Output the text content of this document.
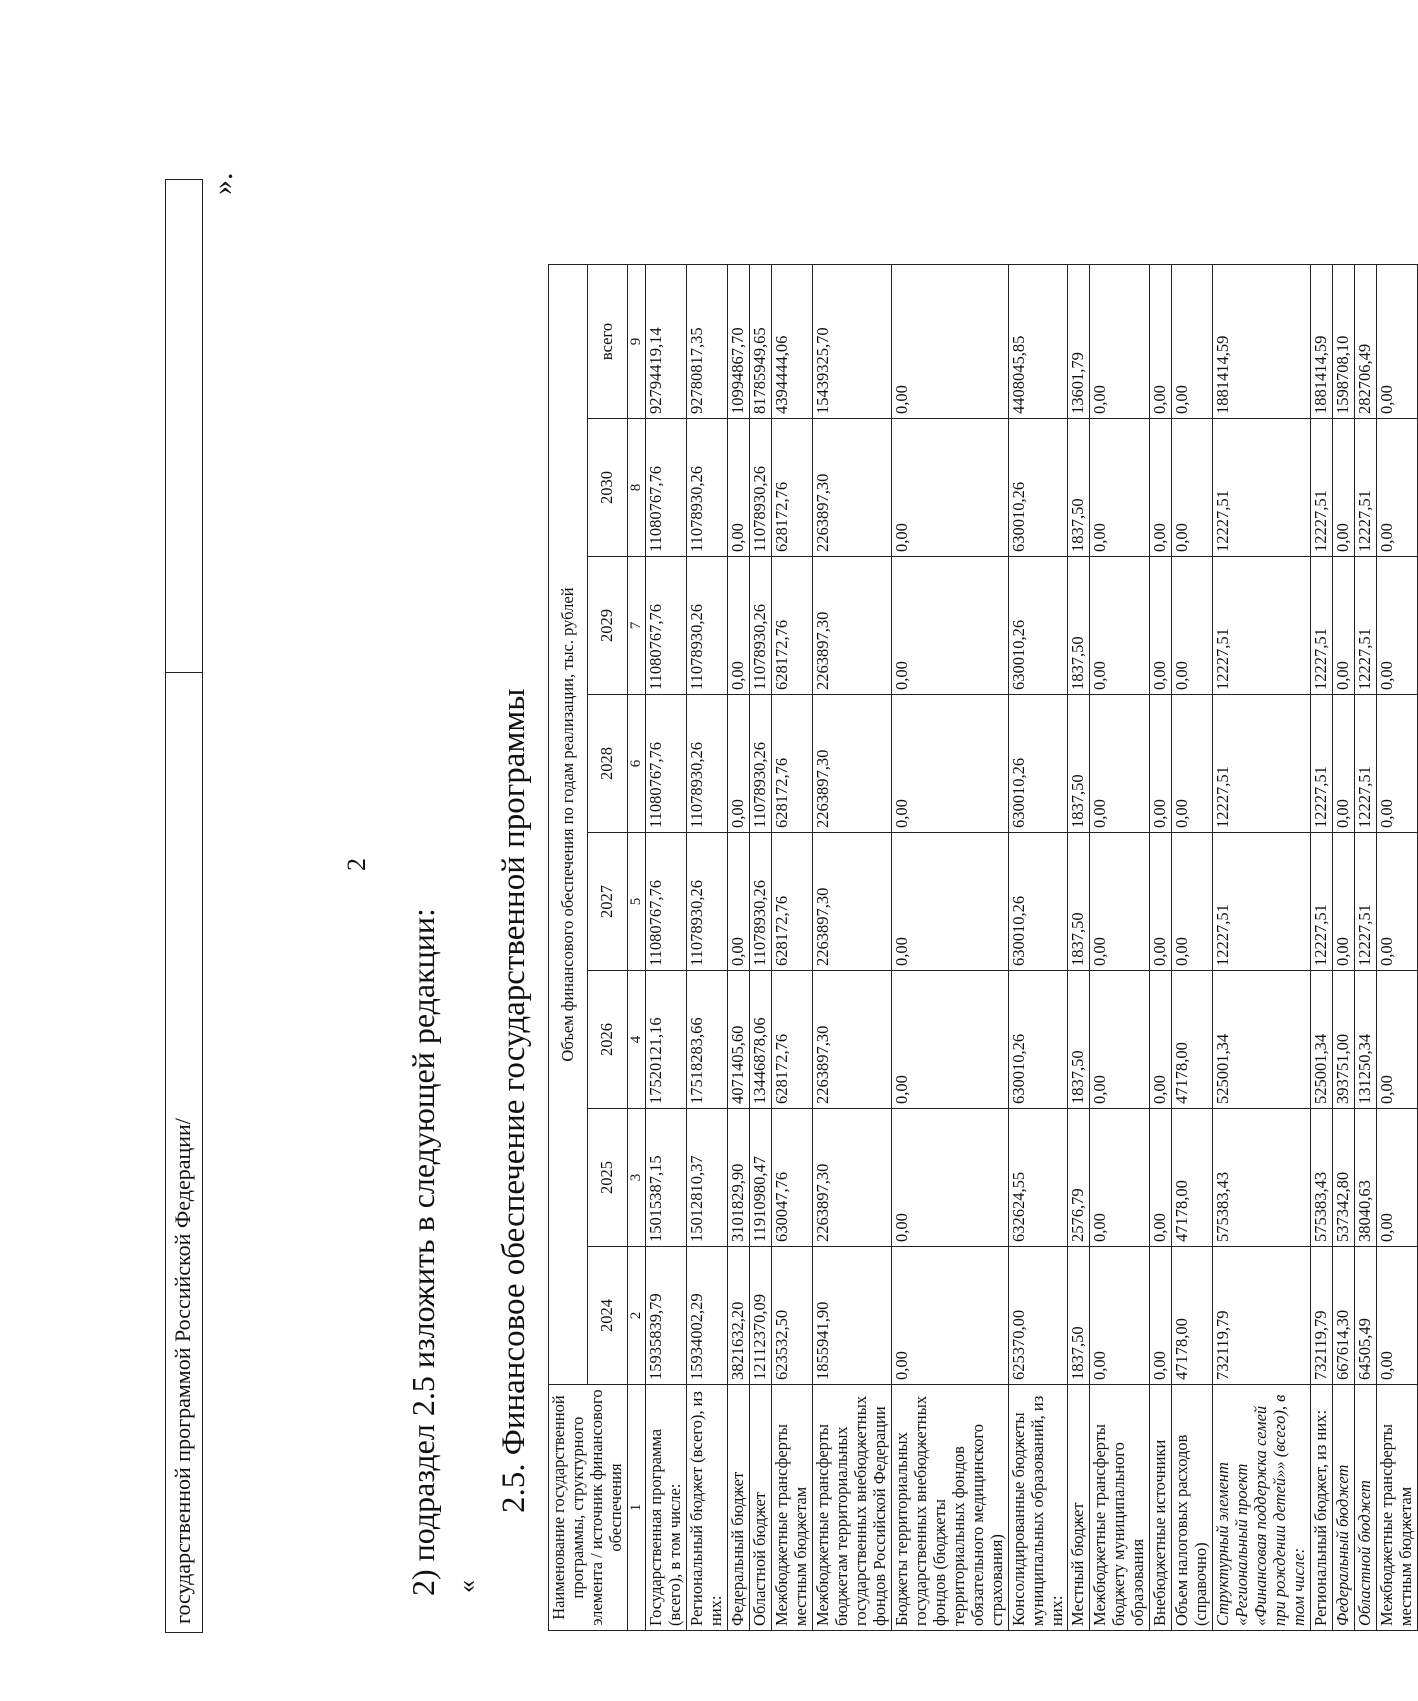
государственной программой Российской Федерации/
».
2
2) подраздел 2.5 изложить в следующей редакции: «
2.5. Финансовое обеспечение государственной программы Наименование государственной программы, структурного элемента / источник финансового обеспечения	Объем финансового обеспечения по годам реализации, тыс. рублей							
	2024	2025	2026	2027	2028	2029	2030	всего
1	2	3	4	5	6	7	8	9
Государственная программа (всего), в том числе:	15935839,79	15015387,15	17520121,16	11080767,76	11080767,76	11080767,76	11080767,76	92794419,14
Региональный бюджет (всего), из них:	15934002,29	15012810,37	17518283,66	11078930,26	11078930,26	11078930,26	11078930,26	92780817,35
Федеральный бюджет	3821632,20	3101829,90	4071405,60	0,00	0,00	0,00	0,00	10994867,70
Областной бюджет	12112370,09	11910980,47	13446878,06	11078930,26	11078930,26	11078930,26	11078930,26	81785949,65
Межбюджетные трансферты местным бюджетам	623532,50	630047,76	628172,76	628172,76	628172,76	628172,76	628172,76	4394444,06
Межбюджетные трансферты бюджетам территориальных государственных внебюджетных фондов Российской Федерации	1855941,90	2263897,30	2263897,30	2263897,30	2263897,30	2263897,30	2263897,30	15439325,70
Бюджеты территориальных государственных внебюджетных фондов (бюджеты территориальных фондов обязательного медицинского страхования)	0,00	0,00	0,00	0,00	0,00	0,00	0,00	0,00
Консолидированные бюджеты муниципальных образований, из них:	625370,00	632624,55	630010,26	630010,26	630010,26	630010,26	630010,26	4408045,85
Местный бюджет	1837,50	2576,79	1837,50	1837,50	1837,50	1837,50	1837,50	13601,79
Межбюджетные трансферты бюджету муниципального образования	0,00	0,00	0,00	0,00	0,00	0,00	0,00	0,00
Внебюджетные источники	0,00	0,00	0,00	0,00	0,00	0,00	0,00	0,00
Объем налоговых расходов (справочно)	47178,00	47178,00	47178,00	0,00	0,00	0,00	0,00	0,00
Структурный элемент «Региональный проект «Финансовая поддержка семей при рождении детей»» (всего), в том числе:	732119,79	575383,43	525001,34	12227,51	12227,51	12227,51	12227,51	1881414,59
Региональный бюджет, из них:	732119,79	575383,43	525001,34	12227,51	12227,51	12227,51	12227,51	1881414,59
Федеральный бюджет	667614,30	537342,80	393751,00	0,00	0,00	0,00	0,00	1598708,10
Областной бюджет	64505,49	38040,63	131250,34	12227,51	12227,51	12227,51	12227,51	282706,49
Межбюджетные трансферты местным бюджетам	0,00	0,00	0,00	0,00	0,00	0,00	0,00	0,00
